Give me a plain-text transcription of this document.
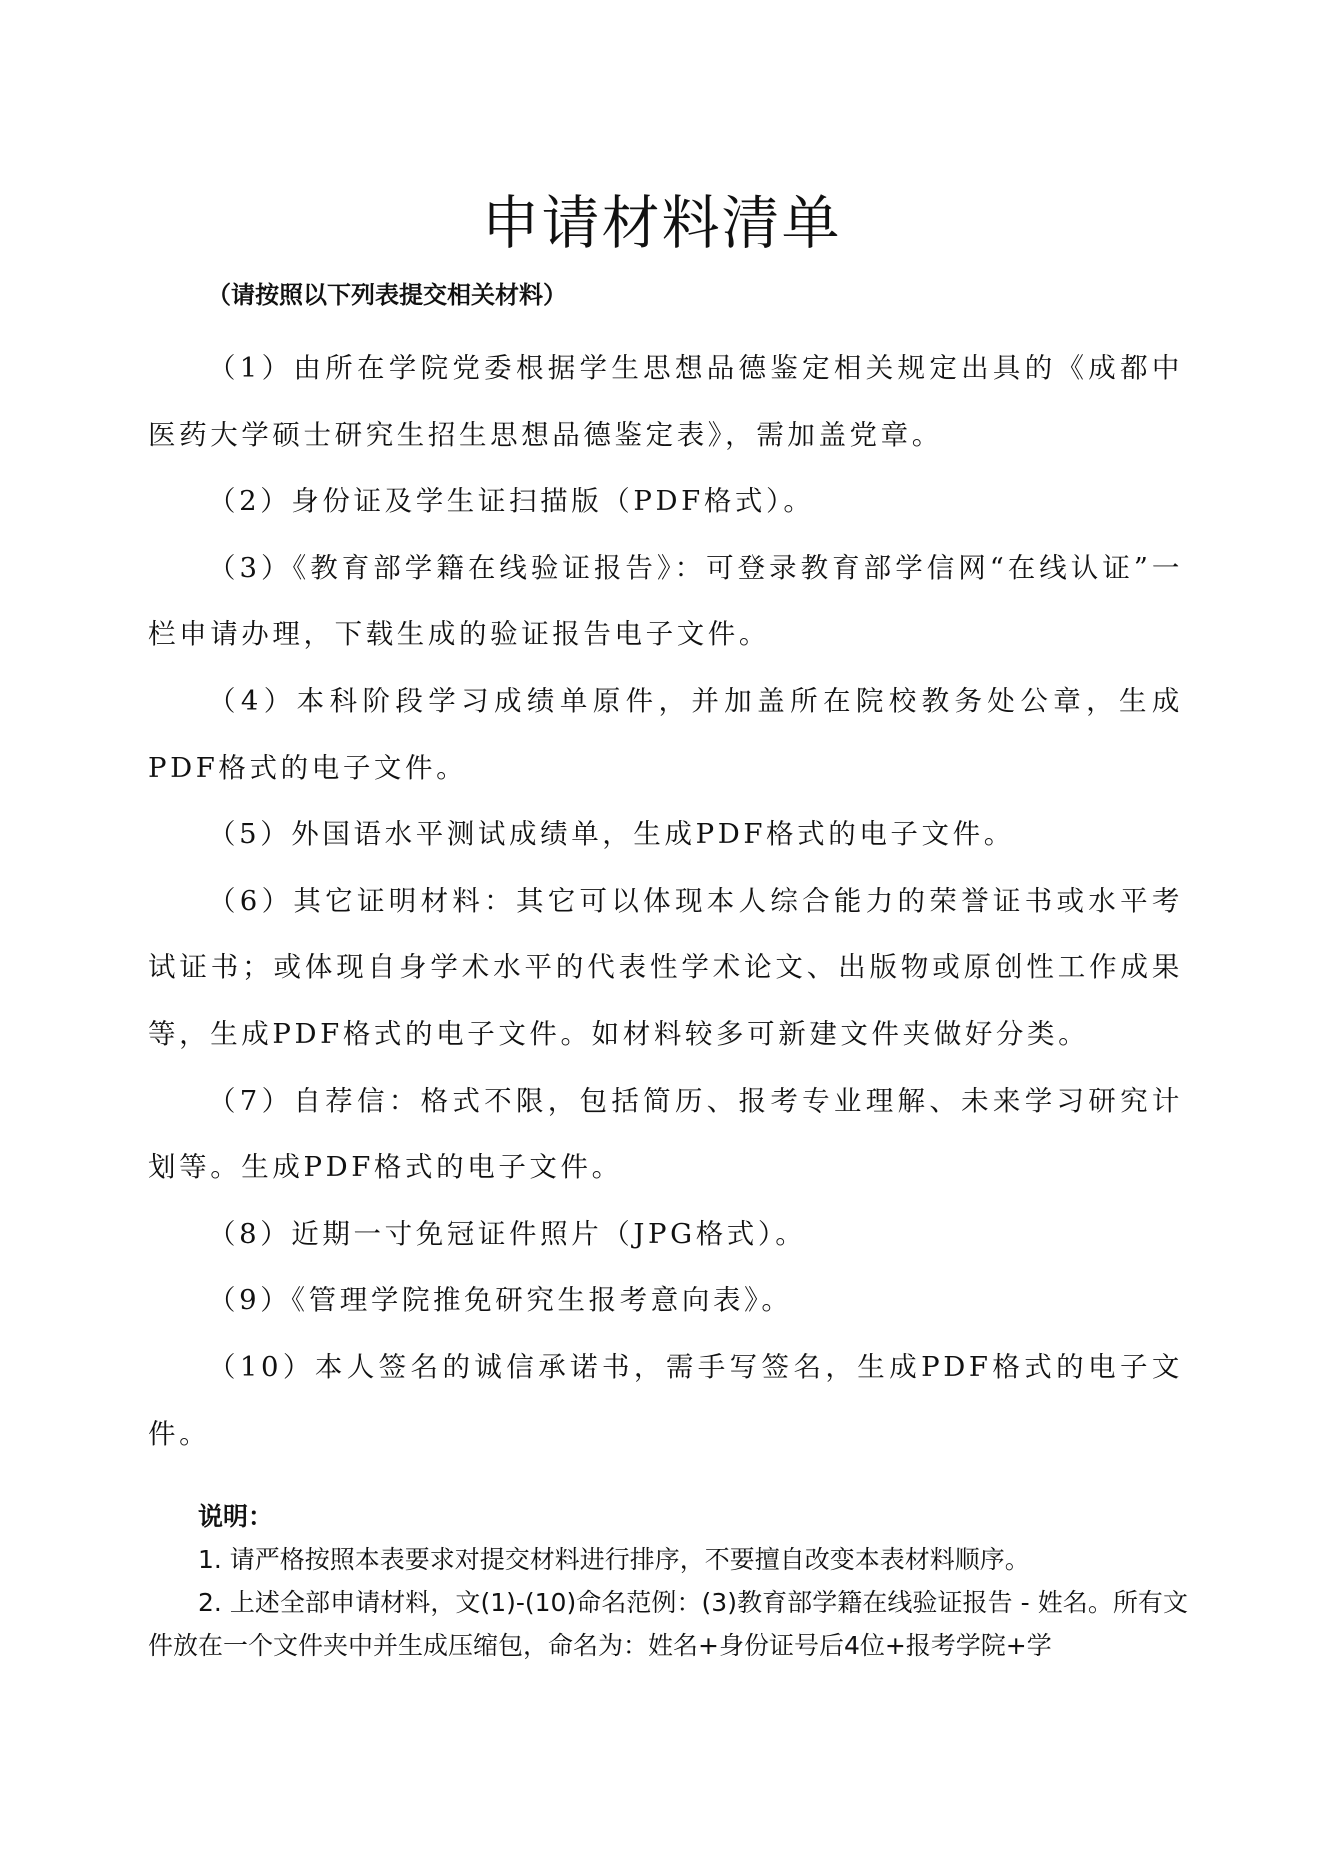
申请材料清单
（请按照以下列表提交相关材料）

（1）由所在学院党委根据学生思想品德鉴定相关规定出具的《成都中医药大学硕士研究生招生思想品德鉴定表》，需加盖党章。

（2）身份证及学生证扫描版（PDF格式）。

（3）《教育部学籍在线验证报告》：可登录教育部学信网“在线认证”一栏申请办理，下载生成的验证报告电子文件。

（4）本科阶段学习成绩单原件，并加盖所在院校教务处公章，生成PDF格式的电子文件。

（5）外国语水平测试成绩单，生成PDF格式的电子文件。

（6）其它证明材料：其它可以体现本人综合能力的荣誉证书或水平考试证书；或体现自身学术水平的代表性学术论文、出版物或原创性工作成果等，生成PDF格式的电子文件。如材料较多可新建文件夹做好分类。

（7）自荐信：格式不限，包括简历、报考专业理解、未来学习研究计划等。生成PDF格式的电子文件。

（8）近期一寸免冠证件照片（JPG格式）。

（9）《管理学院推免研究生报考意向表》。

（10）本人签名的诚信承诺书，需手写签名，生成PDF格式的电子文件。

说明：

1. 请严格按照本表要求对提交材料进行排序，不要擅自改变本表材料顺序。

2. 上述全部申请材料，文(1)-(10)命名范例：(3)教育部学籍在线验证报告 - 姓名。所有文件放在一个文件夹中并生成压缩包，命名为：姓名+身份证号后4位+报考学院+学
